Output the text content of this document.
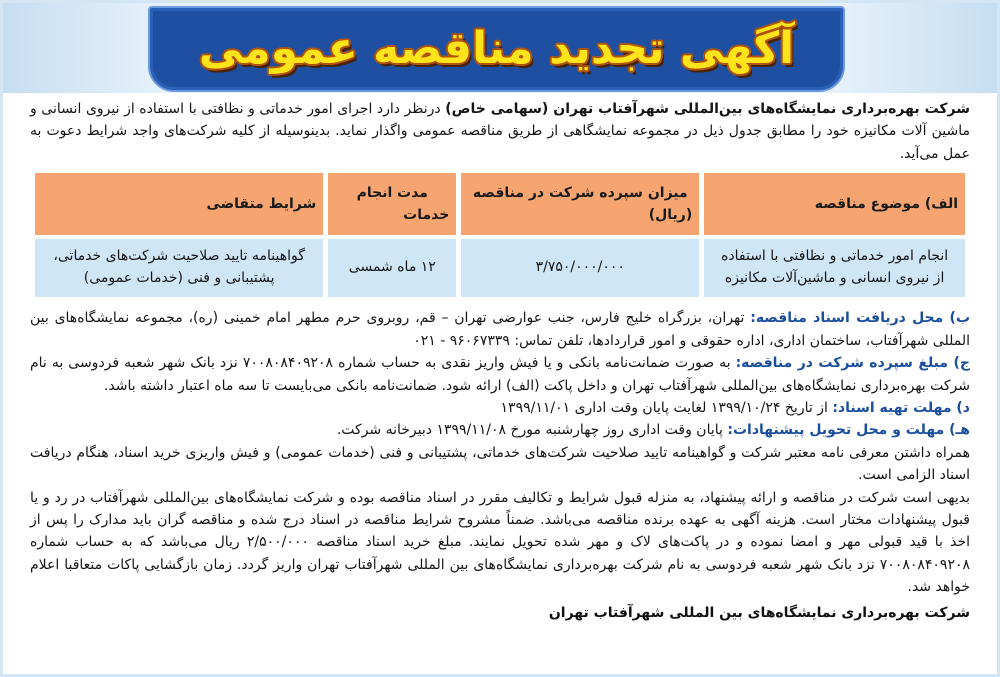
آگهی تجدید مناقصه عمومی

شرکت بهره‌برداری نمایشگاه‌های بین‌المللی شهرآفتاب تهران (سهامی خاص) درنظر دارد اجرای امور خدماتی و نظافتی با استفاده از نیروی انسانی و ماشین آلات مکانیزه خود را مطابق جدول ذیل در مجموعه نمایشگاهی از طریق مناقصه عمومی واگذار نماید. بدینوسیله از کلیه شرکت‌های واجد شرایط دعوت به عمل می‌آید.

الف) موضوع مناقصه	میزان سپرده شرکت در مناقصه (ریال)	مدت انجام خدمات	شرایط متقاضی
انجام امور خدماتی و نظافتی با استفاده از نیروی انسانی و ماشین‌آلات مکانیزه	۳/۷۵۰/۰۰۰/۰۰۰	۱۲ ماه شمسی	گواهینامه تایید صلاحیت شرکت‌های خدماتی، پشتیبانی و فنی (خدمات عمومی)

ب) محل دریافت اسناد مناقصه: تهران، بزرگراه خلیج فارس، جنب عوارضی تهران – قم، روبروی حرم مطهر امام خمینی (ره)، مجموعه نمایشگاه‌های بین المللی شهرآفتاب، ساختمان اداری، اداره حقوقی و امور قراردادها، تلفن تماس: ۹۶۰۶۷۳۳۹ - ۰۲۱

ج) مبلغ سپرده شرکت در مناقصه: به صورت ضمانت‌نامه بانکی و یا فیش واریز نقدی به حساب شماره ۷۰۰۸۰۸۴۰۹۲۰۸ نزد بانک شهر شعبه فردوسی به نام شرکت بهره‌برداری نمایشگاه‌های بین‌المللی شهرآفتاب تهران و داخل پاکت (الف) ارائه شود. ضمانت‌نامه بانکی می‌بایست تا سه ماه اعتبار داشته باشد.

د) مهلت تهیه اسناد: از تاریخ ۱۳۹۹/۱۰/۲۴ لغایت پایان وقت اداری ۱۳۹۹/۱۱/۰۱

هـ) مهلت و محل تحویل پیشنهادات: پایان وقت اداری روز چهارشنبه مورخ ۱۳۹۹/۱۱/۰۸ دبیرخانه شرکت.

همراه داشتن معرفی نامه معتبر شرکت و گواهینامه تایید صلاحیت شرکت‌های خدماتی، پشتیبانی و فنی (خدمات عمومی) و فیش واریزی خرید اسناد، هنگام دریافت اسناد الزامی است.

بدیهی است شرکت در مناقصه و ارائه پیشنهاد، به منزله قبول شرایط و تکالیف مقرر در اسناد مناقصه بوده و شرکت نمایشگاه‌های بین‌المللی شهرآفتاب در رد و یا قبول پیشنهادات مختار است. هزینه آگهی به عهده برنده مناقصه می‌باشد. ضمناً مشروح شرایط مناقصه در اسناد درج شده و مناقصه گران باید مدارک را پس از اخذ با قید قبولی مهر و امضا نموده و در پاکت‌های لاک و مهر شده تحویل نمایند. مبلغ خرید اسناد مناقصه ۲/۵۰۰/۰۰۰ ریال می‌باشد که به حساب شماره ۷۰۰۸۰۸۴۰۹۲۰۸ نزد بانک شهر شعبه فردوسی به نام شرکت بهره‌برداری نمایشگاه‌های بین المللی شهرآفتاب تهران واریز گردد. زمان بازگشایی پاکات متعاقبا اعلام خواهد شد.

شرکت بهره‌برداری نمایشگاه‌های بین المللی شهرآفتاب تهران
